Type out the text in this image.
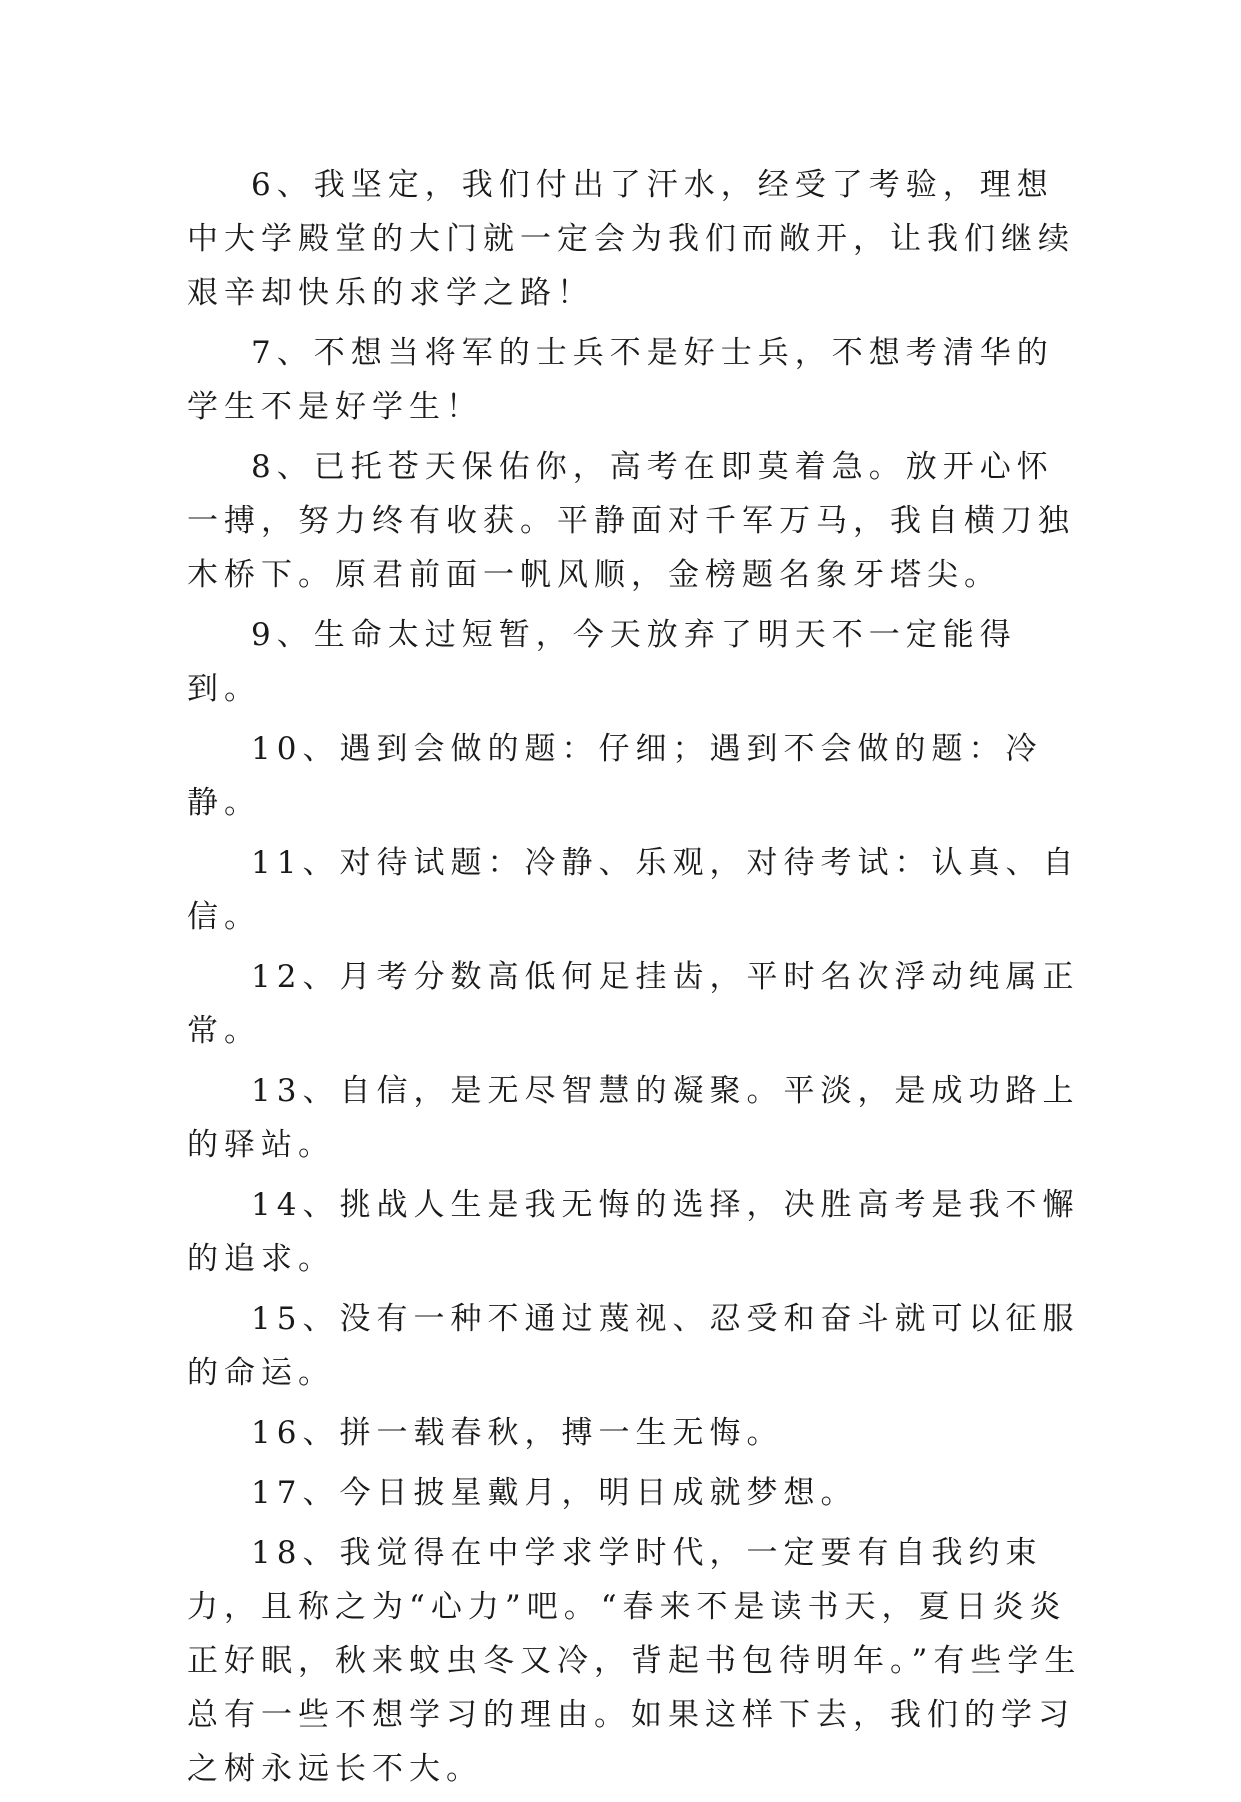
6、我坚定，我们付出了汗水，经受了考验，理想中大学殿堂的大门就一定会为我们而敞开，让我们继续艰辛却快乐的求学之路！

7、不想当将军的士兵不是好士兵，不想考清华的学生不是好学生！

8、已托苍天保佑你，高考在即莫着急。放开心怀一搏，努力终有收获。平静面对千军万马，我自横刀独木桥下。原君前面一帆风顺，金榜题名象牙塔尖。

9、生命太过短暂，今天放弃了明天不一定能得到。

10、遇到会做的题：仔细；遇到不会做的题：冷静。

11、对待试题：冷静、乐观，对待考试：认真、自信。

12、月考分数高低何足挂齿，平时名次浮动纯属正常。

13、自信，是无尽智慧的凝聚。平淡，是成功路上的驿站。

14、挑战人生是我无悔的选择，决胜高考是我不懈的追求。

15、没有一种不通过蔑视、忍受和奋斗就可以征服的命运。

16、拼一载春秋，搏一生无悔。

17、今日披星戴月，明日成就梦想。

18、我觉得在中学求学时代，一定要有自我约束力，且称之为“心力”吧。“春来不是读书天，夏日炎炎正好眠，秋来蚊虫冬又冷，背起书包待明年。”有些学生总有一些不想学习的理由。如果这样下去，我们的学习之树永远长不大。
